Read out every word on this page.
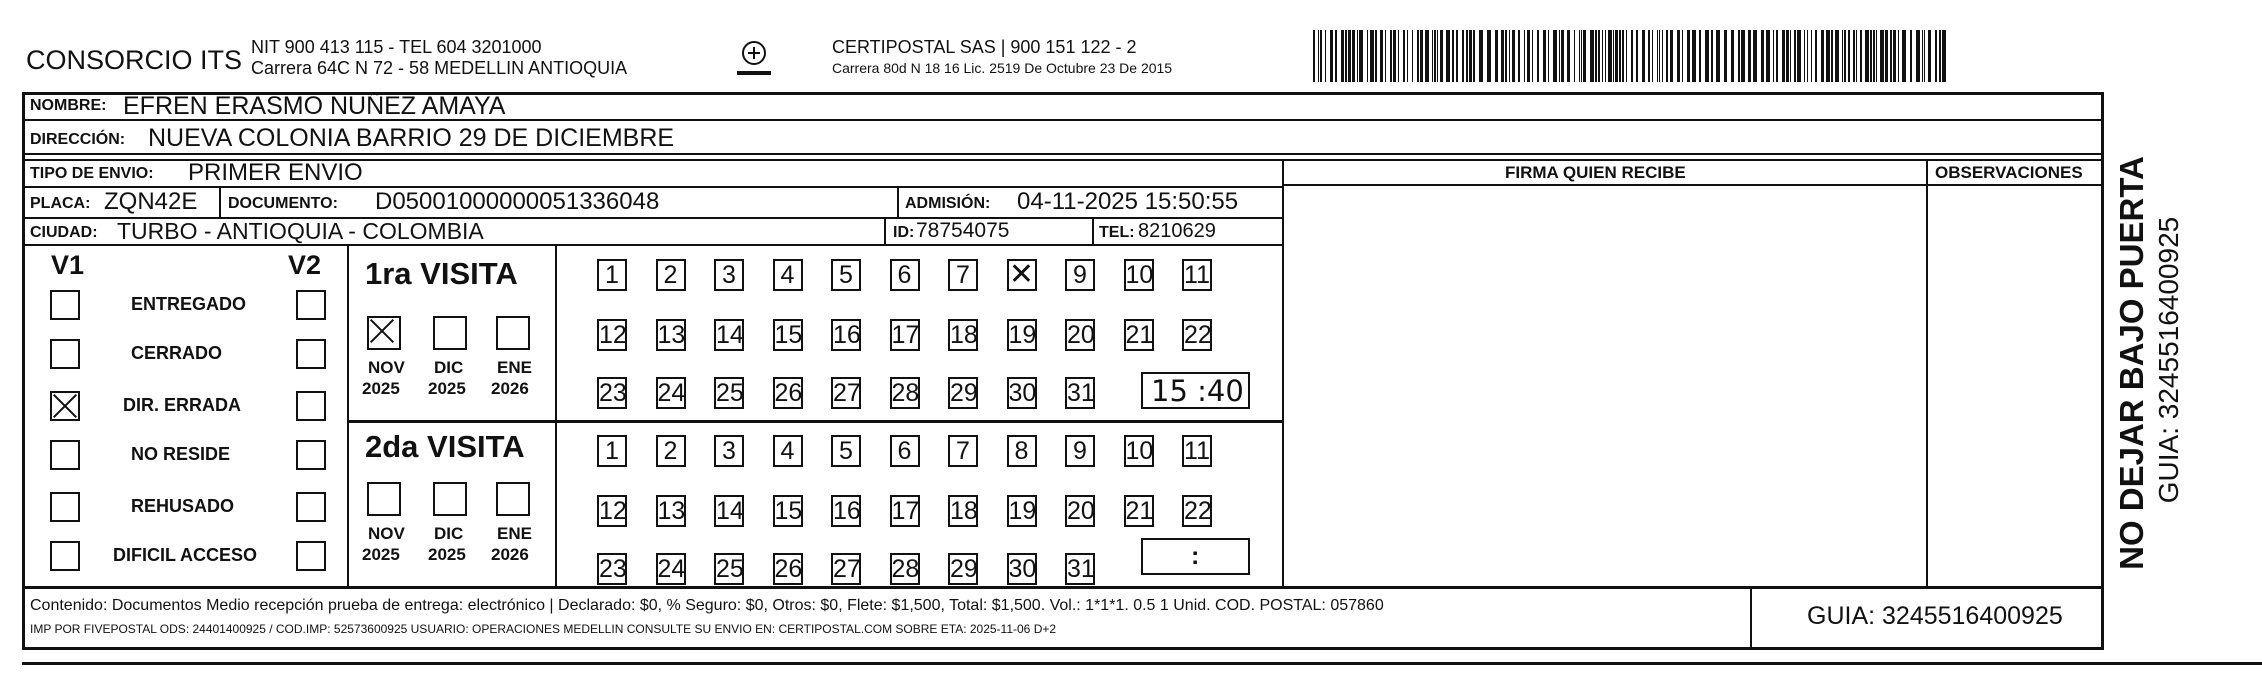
CONSORCIO ITS NIT 900 413 115 - TEL 604 3201000
Carrera 64C N 72 - 58 MEDELLIN ANTIOQUIA
CERTIPOSTAL SAS | 900 151 122 - 2
Carrera 80d N 18 16 Lic. 2519 De Octubre 23 De 2015
NOMBRE: EFREN ERASMO NUÑEZ AMAYA
DIRECCIÓN: NUEVA COLONIA BARRIO 29 DE DICIEMBRE
TIPO DE ENVIO: PRIMER ENVIO	FIRMA QUIEN RECIBE	OBSERVACIONES
PLACA: ZQN42E DOCUMENTO: D05001000000051336048	ADMISIÓN: 04-11-2025 15:50:55
CIUDAD: TURBO - ANTIOQUIA - COLOMBIA	ID: 78754075	TEL: 8210629
V1	V2
ENTREGADO
CERRADO
DIR. ERRADA
NO RESIDE
REHUSADO
DIFICIL ACCESO
1ra VISITA
2da VISITA
NOV
2025
DIC
2025
ENE
2026
NOV
2025
DIC
2025
ENE
2026
1	2	3	4	5	6	7
✕	9	10 11
12 13 14 15 16 17 18 19 20 21 22
23 24 25 26 27 28 29 30 31
1	2	3	4	5	6	7	8	9	10 11
12 13 14 15 16 17 18 19 20 21 22
23 24 25 26 27 28 29 30 31
15 :40
:
Contenido: Documentos Medio recepción prueba de entrega: electrónico | Declarado: $0, % Seguro: $0, Otros: $0, Flete: $1,500, Total: $1,500. Vol.: 1*1*1. 0.5 1 Unid. COD. POSTAL: 057860
IMP POR FIVEPOSTAL ODS: 24401400925 / COD.IMP: 52573600925 USUARIO: OPERACIONES MEDELLIN CONSULTE SU ENVIO EN: CERTIPOSTAL.COM SOBRE ETA: 2025-11-06 D+2	GUIA: 3245516400925
NO DEJAR BAJO PUERTA GUIA: 3245516400925
